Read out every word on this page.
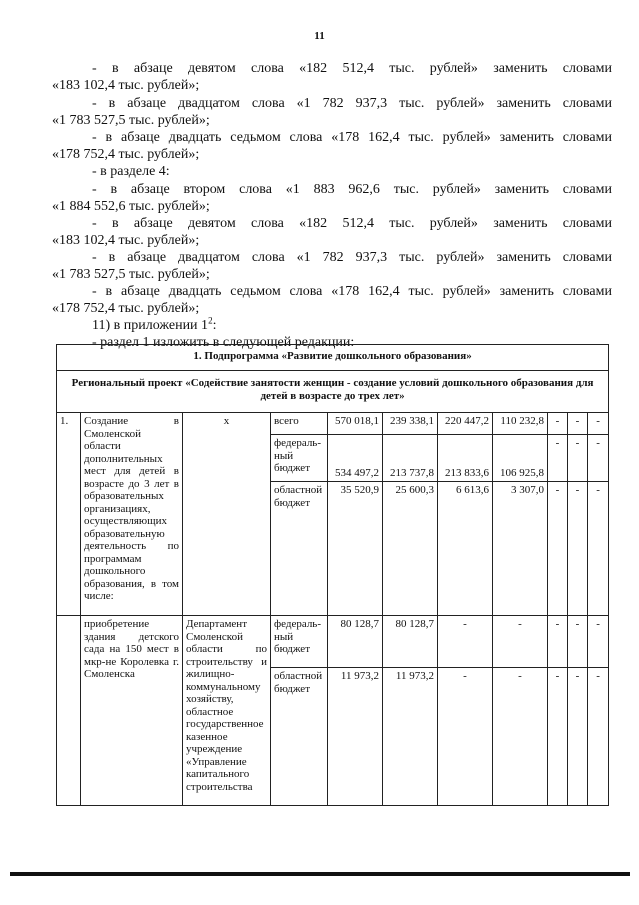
11
- в абзаце девятом слова «182 512,4 тыс. рублей» заменить словами
«183 102,4 тыс. рублей»;
- в абзаце двадцатом слова «1 782 937,3 тыс. рублей» заменить словами
«1 783 527,5 тыс. рублей»;
- в абзаце двадцать седьмом слова «178 162,4 тыс. рублей» заменить словами
«178 752,4 тыс. рублей»;
- в разделе 4:
- в абзаце втором слова «1 883 962,6 тыс. рублей» заменить словами
«1 884 552,6 тыс. рублей»;
- в абзаце девятом слова «182 512,4 тыс. рублей» заменить словами
«183 102,4 тыс. рублей»;
- в абзаце двадцатом слова «1 782 937,3 тыс. рублей» заменить словами
«1 783 527,5 тыс. рублей»;
- в абзаце двадцать седьмом слова «178 162,4 тыс. рублей» заменить словами
«178 752,4 тыс. рублей»;
11) в приложении $1^2$:
- раздел 1 изложить в следующей редакции:
1. Подпрограмма «Развитие дошкольного образования»										
Региональный проект «Содействие занятости женщин - создание условий дошкольного образования для детей в возрасте до трех лет»										
1.	Создание в Смоленской области дополнительных мест для детей в возрасте до 3 лет в образовательных организациях, осуществляющих образовательную деятельность по программам дошкольного образования, в том числе:	х	всего	570 018,1	239 338,1	220 447,2	110 232,8	-	-	-
			федераль-ный бюджет	534 497,2	213 737,8	213 833,6	106 925,8	-	-	-
			областной бюджет	35 520,9	25 600,3	6 613,6	3 307,0	-	-	-
	приобретение здания детского сада на 150 мест в мкр-не Королевка г. Смоленска	Департамент Смоленской области по строительству и жилищно-коммунальному хозяйству, областное государственное казенное учреждение «Управление капитального строительства	федераль-ный бюджет	80 128,7	80 128,7	-	-	-	-	-
			областной бюджет	11 973,2	11 973,2	-	-	-	-	-
